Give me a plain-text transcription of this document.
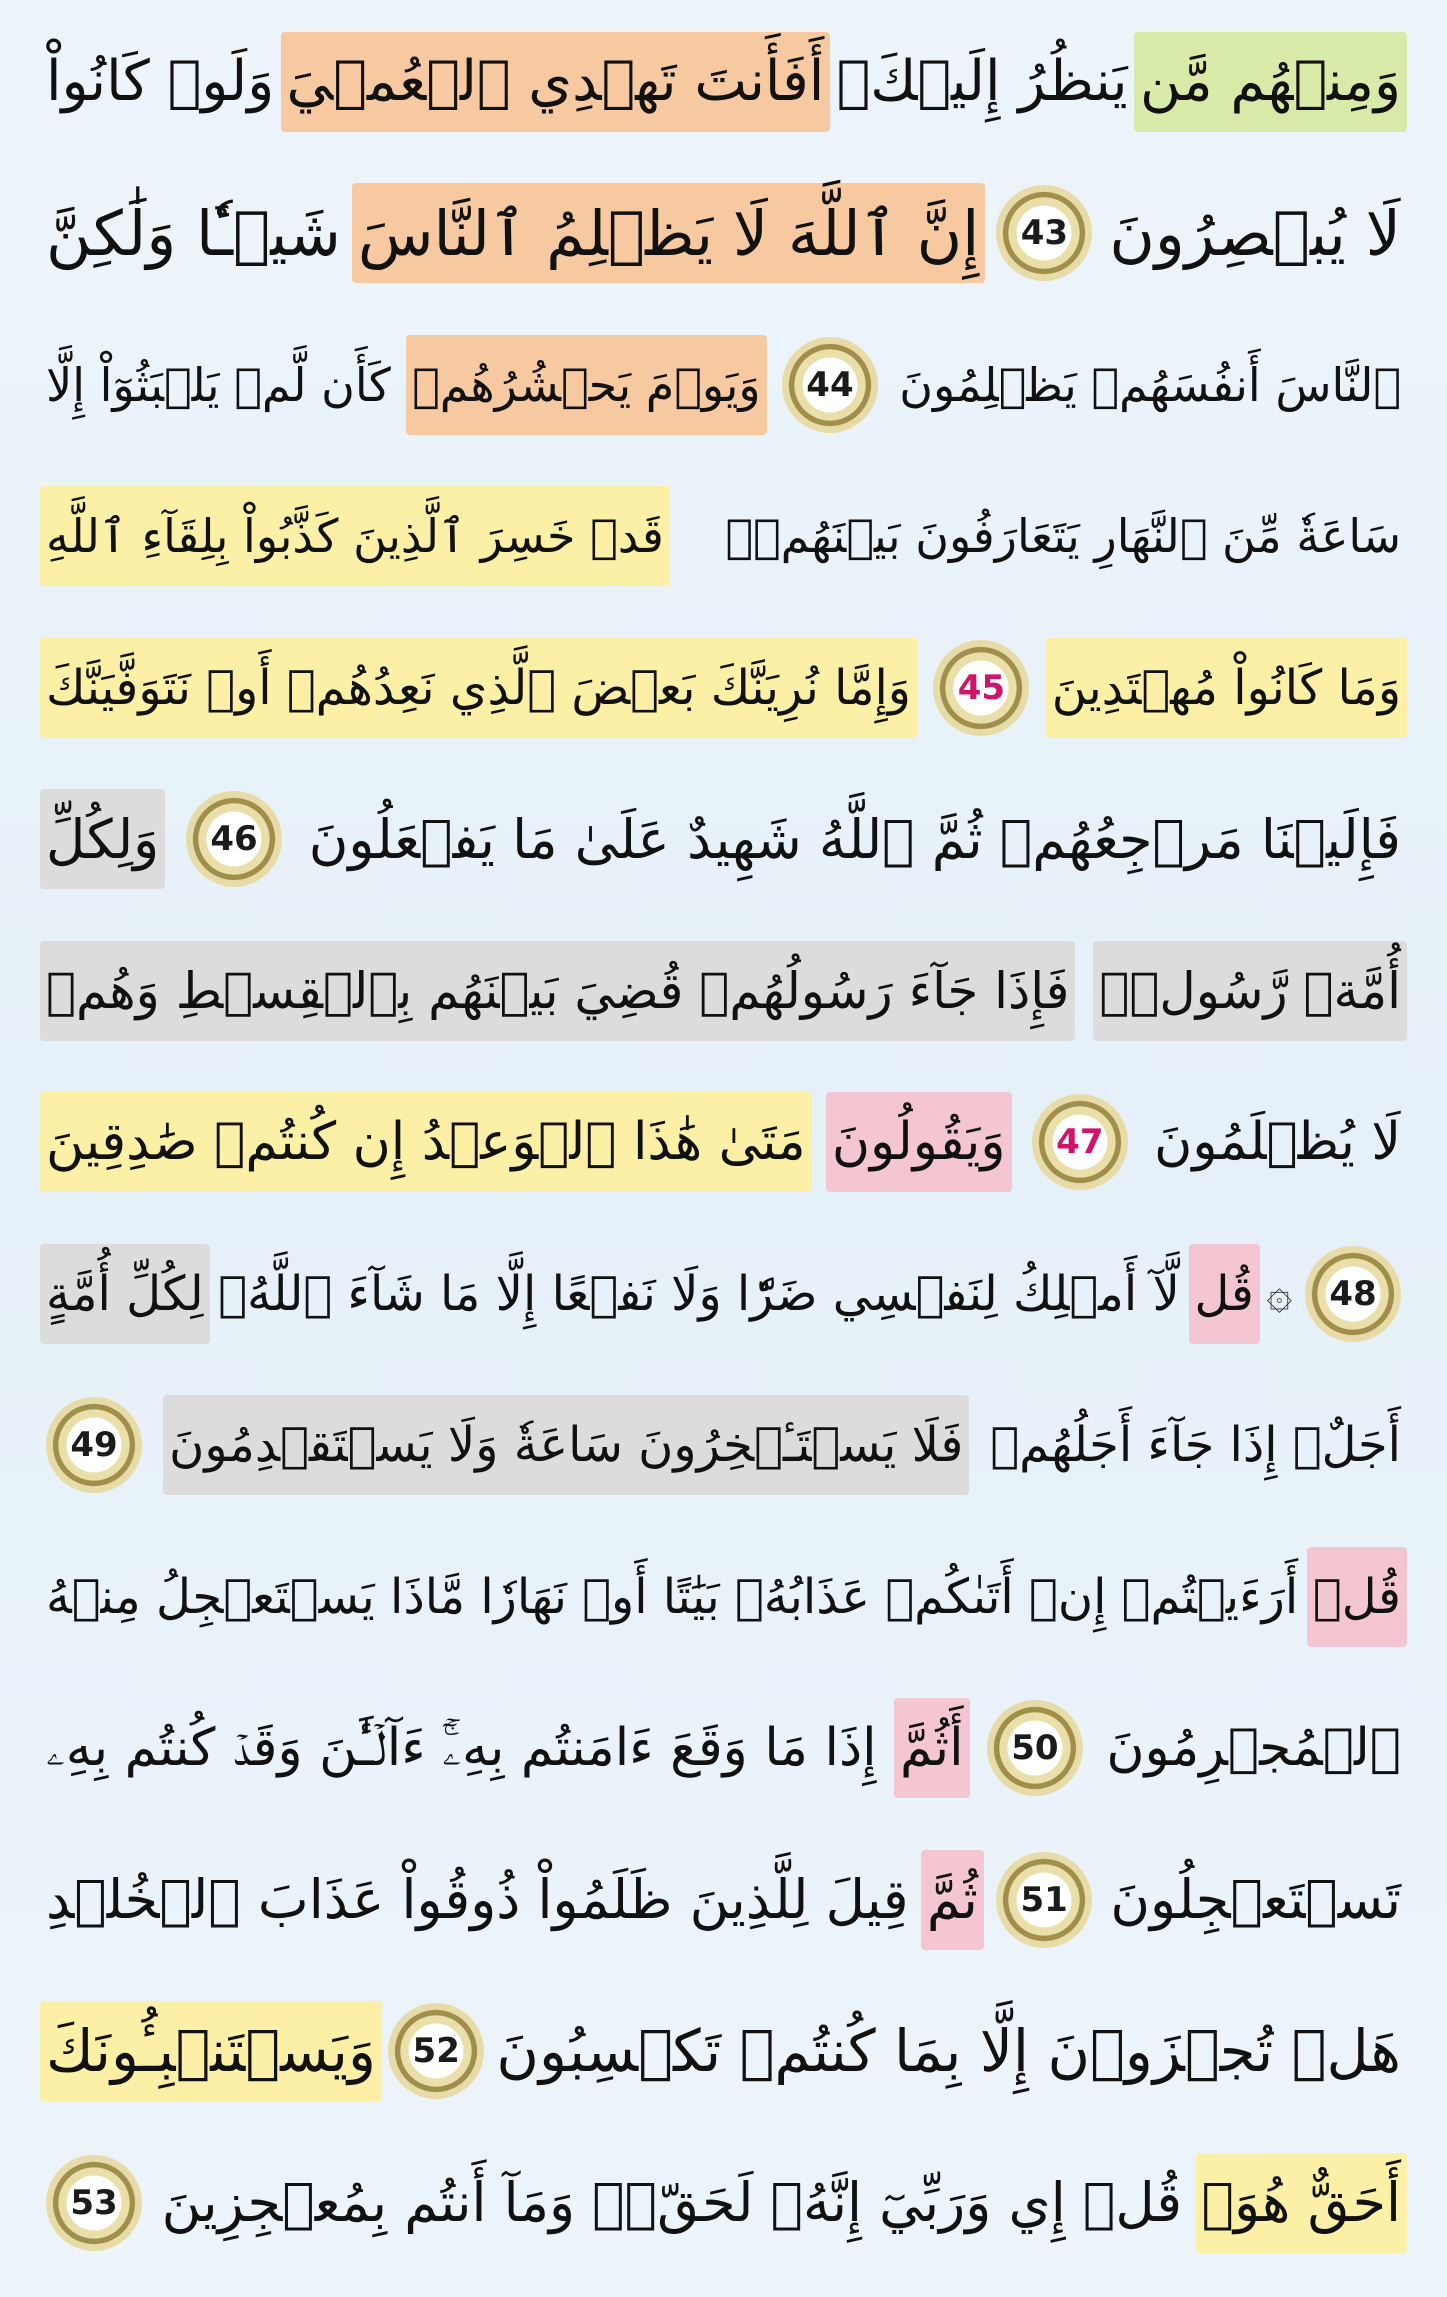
وَمِنۡهُم مَّن
يَنظُرُ إِلَيۡكَۚ
أَفَأَنتَ تَهۡدِي ٱلۡعُمۡيَ
وَلَوۡ كَانُواْ
لَا يُبۡصِرُونَ
43
إِنَّ ٱللَّهَ لَا يَظۡلِمُ ٱلنَّاسَ
شَيۡـٔٗا وَلَٰكِنَّ
ٱلنَّاسَ أَنفُسَهُمۡ يَظۡلِمُونَ
44
وَيَوۡمَ يَحۡشُرُهُمۡ
كَأَن لَّمۡ يَلۡبَثُوٓاْ إِلَّا
سَاعَةٗ مِّنَ ٱلنَّهَارِ يَتَعَارَفُونَ بَيۡنَهُمۡۚ
قَدۡ خَسِرَ ٱلَّذِينَ كَذَّبُواْ بِلِقَآءِ ٱللَّهِ
وَمَا كَانُواْ مُهۡتَدِينَ
45
وَإِمَّا نُرِيَنَّكَ بَعۡضَ ٱلَّذِي نَعِدُهُمۡ أَوۡ نَتَوَفَّيَنَّكَ
فَإِلَيۡنَا مَرۡجِعُهُمۡ ثُمَّ ٱللَّهُ شَهِيدٌ عَلَىٰ مَا يَفۡعَلُونَ
46
وَلِكُلِّ
أُمَّةٖ رَّسُولٞۖ
فَإِذَا جَآءَ رَسُولُهُمۡ قُضِيَ بَيۡنَهُم بِٱلۡقِسۡطِ وَهُمۡ
لَا يُظۡلَمُونَ
47
وَيَقُولُونَ
مَتَىٰ هَٰذَا ٱلۡوَعۡدُ إِن كُنتُمۡ صَٰدِقِينَ
48
۞
قُل
لَّآ أَمۡلِكُ لِنَفۡسِي ضَرّٗا وَلَا نَفۡعًا إِلَّا مَا شَآءَ ٱللَّهُۗ
لِكُلِّ أُمَّةٍ
أَجَلٌۚ إِذَا جَآءَ أَجَلُهُمۡ
فَلَا يَسۡتَـٔۡخِرُونَ سَاعَةٗ وَلَا يَسۡتَقۡدِمُونَ
49
قُلۡ
أَرَءَيۡتُمۡ إِنۡ أَتَىٰكُمۡ عَذَابُهُۥ بَيَٰتًا أَوۡ نَهَارٗا مَّاذَا يَسۡتَعۡجِلُ مِنۡهُ
ٱلۡمُجۡرِمُونَ
50
أَثُمَّ
إِذَا مَا وَقَعَ ءَامَنتُم بِهِۦٓۚ ءَآلۡـَٰٔنَ وَقَدۡ كُنتُم بِهِۦ
تَسۡتَعۡجِلُونَ
51
ثُمَّ
قِيلَ لِلَّذِينَ ظَلَمُواْ ذُوقُواْ عَذَابَ ٱلۡخُلۡدِ
هَلۡ تُجۡزَوۡنَ إِلَّا بِمَا كُنتُمۡ تَكۡسِبُونَ
52
وَيَسۡتَنۢبِـُٔونَكَ
أَحَقٌّ هُوَۖ
قُلۡ إِي وَرَبِّيٓ إِنَّهُۥ لَحَقّٞۖ وَمَآ أَنتُم بِمُعۡجِزِينَ
53
